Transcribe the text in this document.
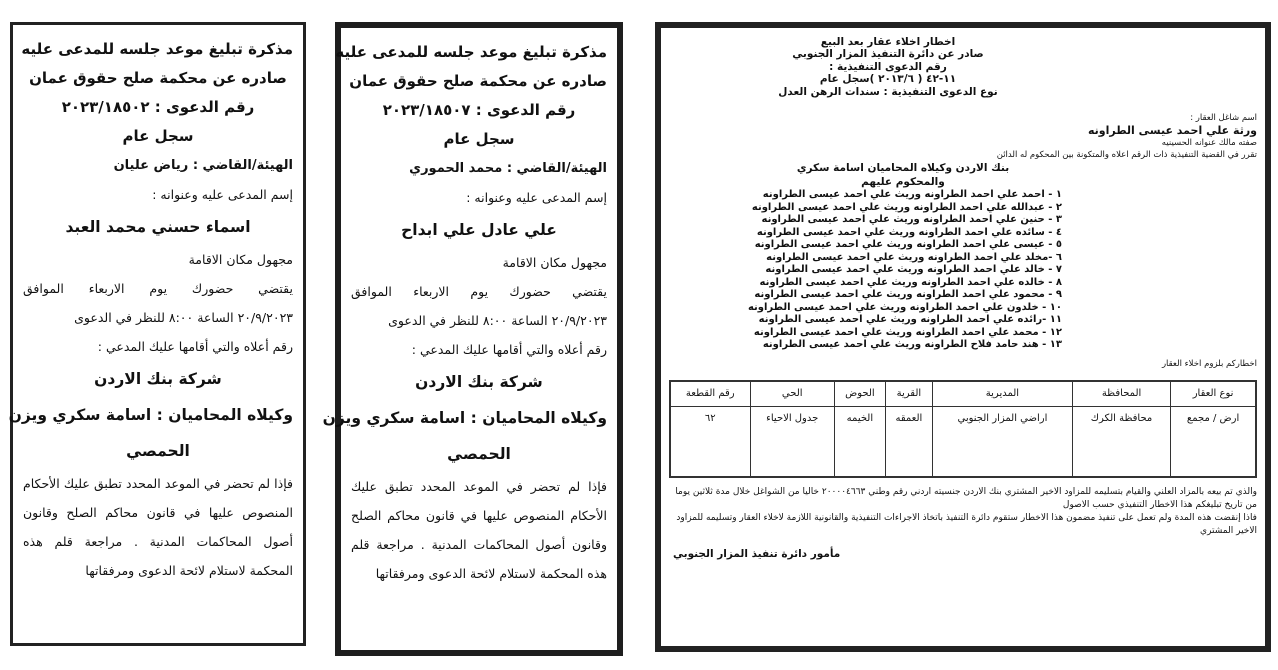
مذكرة تبليغ موعد جلسه للمدعى عليه
صادره عن محكمة صلح حقوق عمان
رقم الدعوى : ٢٠٢٣/١٨٥٠٢
سجل عام
الهيئة/القاضي : رياض عليان
إسم المدعى عليه وعنوانه :
اسماء حسني محمد العبد
مجهول مكان الاقامة
يقتضي حضورك يوم الاربعاء الموافق
٢٠/٩/٢٠٢٣ الساعة ٨:٠٠ للنظر في الدعوى
رقم أعلاه والتي أقامها عليك المدعي :
شركة بنك الاردن
وكيلاه المحاميان : اسامة سكري ويزن
الحمصي
فإذا لم تحضر في الموعد المحدد تطبق عليك الأحكام المنصوص عليها في قانون محاكم الصلح وقانون أصول المحاكمات المدنية . مراجعة قلم هذه المحكمة لاستلام لائحة الدعوى ومرفقاتها
مذكرة تبليغ موعد جلسه للمدعى عليه
صادره عن محكمة صلح حقوق عمان
رقم الدعوى : ٢٠٢٣/١٨٥٠٧
سجل عام
الهيئة/القاضي : محمد الحموري
إسم المدعى عليه وعنوانه :
علي عادل علي ابداح
مجهول مكان الاقامة
يقتضي حضورك يوم الاربعاء الموافق
٢٠/٩/٢٠٢٣ الساعة ٨:٠٠ للنظر في الدعوى
رقم أعلاه والتي أقامها عليك المدعي :
شركة بنك الاردن
وكيلاه المحاميان : اسامة سكري ويزن
الحمصي
فإذا لم تحضر في الموعد المحدد تطبق عليك الأحكام المنصوص عليها في قانون محاكم الصلح وقانون أصول المحاكمات المدنية . مراجعة قلم هذه المحكمة لاستلام لائحة الدعوى ومرفقاتها
اخطار اخلاء عقار بعد البيع
صادر عن دائرة التنفيذ المزار الجنوبي
رقم الدعوى التنفيذية :
١١-٤٢ ( ٢٠١٣/٦ )سجل عام
نوع الدعوى التنفيذية : سندات الرهن العدل
اسم شاغل العقار :
ورثة علي احمد عيسى الطراونه
صفته مالك عنوانه الحسينيه
تقرر في القضية التنفيذية ذات الرقم اعلاه والمتكونة بين المحكوم له الدائن
بنك الاردن وكيلاه المحاميان اسامة سكري
والمحكوم عليهم
١ - احمد علي احمد الطراونه وريث علي احمد عيسى الطراونه
٢ - عبدالله علي احمد الطراونه وريث علي احمد عيسى الطراونه
٣ - حنين علي احمد الطراونه وريث علي احمد عيسى الطراونه
٤ - سائده علي احمد الطراونه وريث علي احمد عيسى الطراونه
٥ - عيسى علي احمد الطراونه وريث علي احمد عيسى الطراونه
٦ -مخلد علي احمد الطراونه وريث علي احمد عيسى الطراونه
٧ - خالد علي احمد الطراونه وريث علي احمد عيسى الطراونه
٨ - خالده علي احمد الطراونه وريث علي احمد عيسى الطراونه
٩ - محمود علي احمد الطراونه وريث علي احمد عيسى الطراونه
١٠ - خلدون علي احمد الطراونه وريث علي احمد عيسى الطراونه
١١ -رائده علي احمد الطراونه وريث علي احمد عيسى الطراونه
١٢ - محمد علي احمد الطراونه وريث علي احمد عيسى الطراونه
١٣ - هند حامد فلاح الطراونه وريث علي احمد عيسى الطراونه
اخطاركم بلزوم اخلاء العقار
نوع العقار	المحافظة	المديرية	القرية	الحوض	الحي	رقم القطعة
ارض / مجمع	محافظة الكرك	اراضي المزار الجنوبي	العمقه	الخيمه	جدول الاحياء	٦٢
والذي تم بيعه بالمزاد العلني والقيام بتسليمه للمزاود الاخير المشتري بنك الاردن جنسيته اردني رقم وطني ٢٠٠٠٠٤٦٦٣ خاليا من الشواغل خلال مدة ثلاثين يوما من تاريخ تبليغكم هذا الاخطار التنفيذي حسب الاصول
فاذا إنقضت هذه المدة ولم تعمل على تنفيذ مضمون هذا الاخطار ستقوم دائرة التنفيذ باتخاذ الاجراءات التنفيذية والقانونية اللازمة لاخلاء العقار وتسليمه للمزاود الاخير المشتري
مأمور دائرة تنفيذ المزار الجنوبي
